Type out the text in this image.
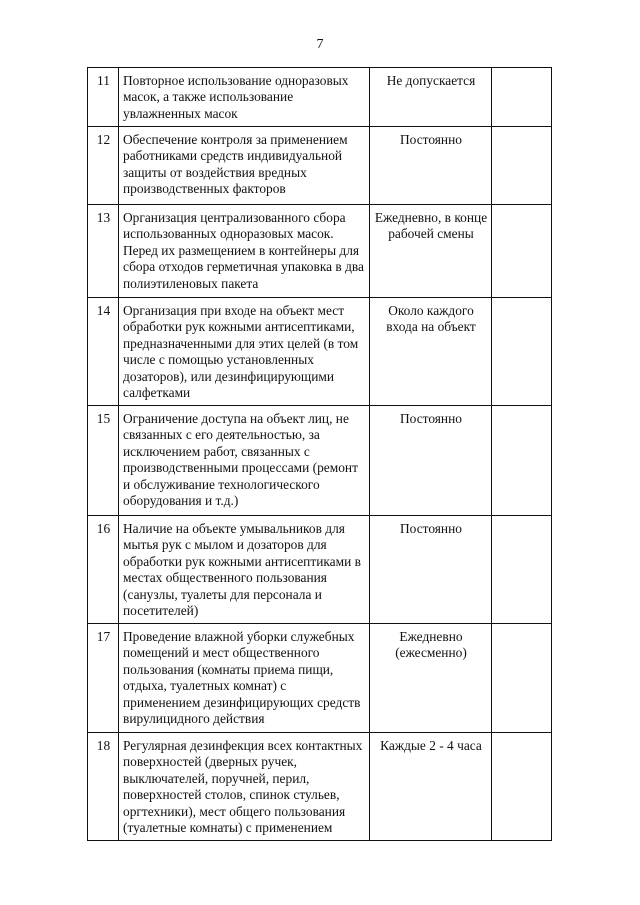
7
11	Повторное использование одноразовых масок, а также использование увлажненных масок	Не допускается	
12	Обеспечение контроля за применением работниками средств индивидуальной защиты от воздействия вредных производственных факторов	Постоянно	
13	Организация централизованного сбора использованных одноразовых масок. Перед их размещением в контейнеры для сбора отходов герметичная упаковка в два полиэтиленовых пакета	Ежедневно, в конце рабочей смены	
14	Организация при входе на объект мест обработки рук кожными антисептиками, предназначенными для этих целей (в том числе с помощью установленных дозаторов), или дезинфицирующими салфетками	Около каждого входа на объект	
15	Ограничение доступа на объект лиц, не связанных с его деятельностью, за исключением работ, связанных с производственными процессами (ремонт и обслуживание технологического оборудования и т.д.)	Постоянно	
16	Наличие на объекте умывальников для мытья рук с мылом и дозаторов для обработки рук кожными антисептиками в местах общественного пользования (санузлы, туалеты для персонала и посетителей)	Постоянно	
17	Проведение влажной уборки служебных помещений и мест общественного пользования (комнаты приема пищи, отдыха, туалетных комнат) с применением дезинфицирующих средств вирулицидного действия	Ежедневно (ежесменно)	
18	Регулярная дезинфекция всех контактных поверхностей (дверных ручек, выключателей, поручней, перил, поверхностей столов, спинок стульев, оргтехники), мест общего пользования (туалетные комнаты) с применением	Каждые 2 - 4 часа	
